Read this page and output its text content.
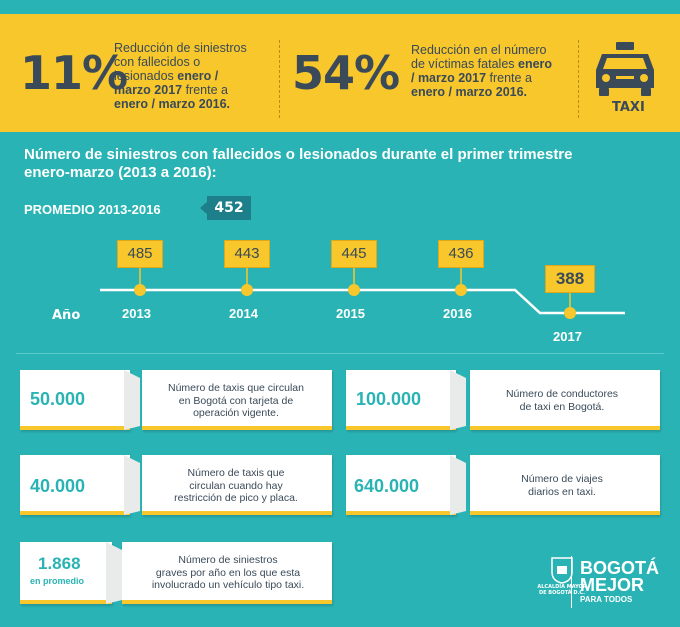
11%
Reducción de siniestros
con fallecidos o
lesionados enero /
marzo 2017 frente a
enero / marzo 2016.
54% Reducción en el número
de víctimas fatales enero
/ marzo 2017 frente a
enero / marzo 2016.
TAXI
Número de siniestros con fallecidos o lesionados durante el primer trimestre
enero-marzo (2013 a 2016):
PROMEDIO 2013-2016	452
485	443	445	436
388
Año	2013	2014	2015	2016
2017
50.000
Número de taxis que circulan
en Bogotá con tarjeta de
operación vigente.
100.000	Número de conductores
de taxi en Bogotá.
40.000
Número de taxis que
circulan cuando hay
restricción de pico y placa.
640.000	Número de viajes
diarios en taxi.
1.868
en promedio
Número de siniestros
graves por año en los que esta
involucrado un vehículo tipo taxi.	ALCALDÍA MAYOR
DE BOGOTÁ D.C.
BOGOTÁ
MEJOR
PARA TODOS
